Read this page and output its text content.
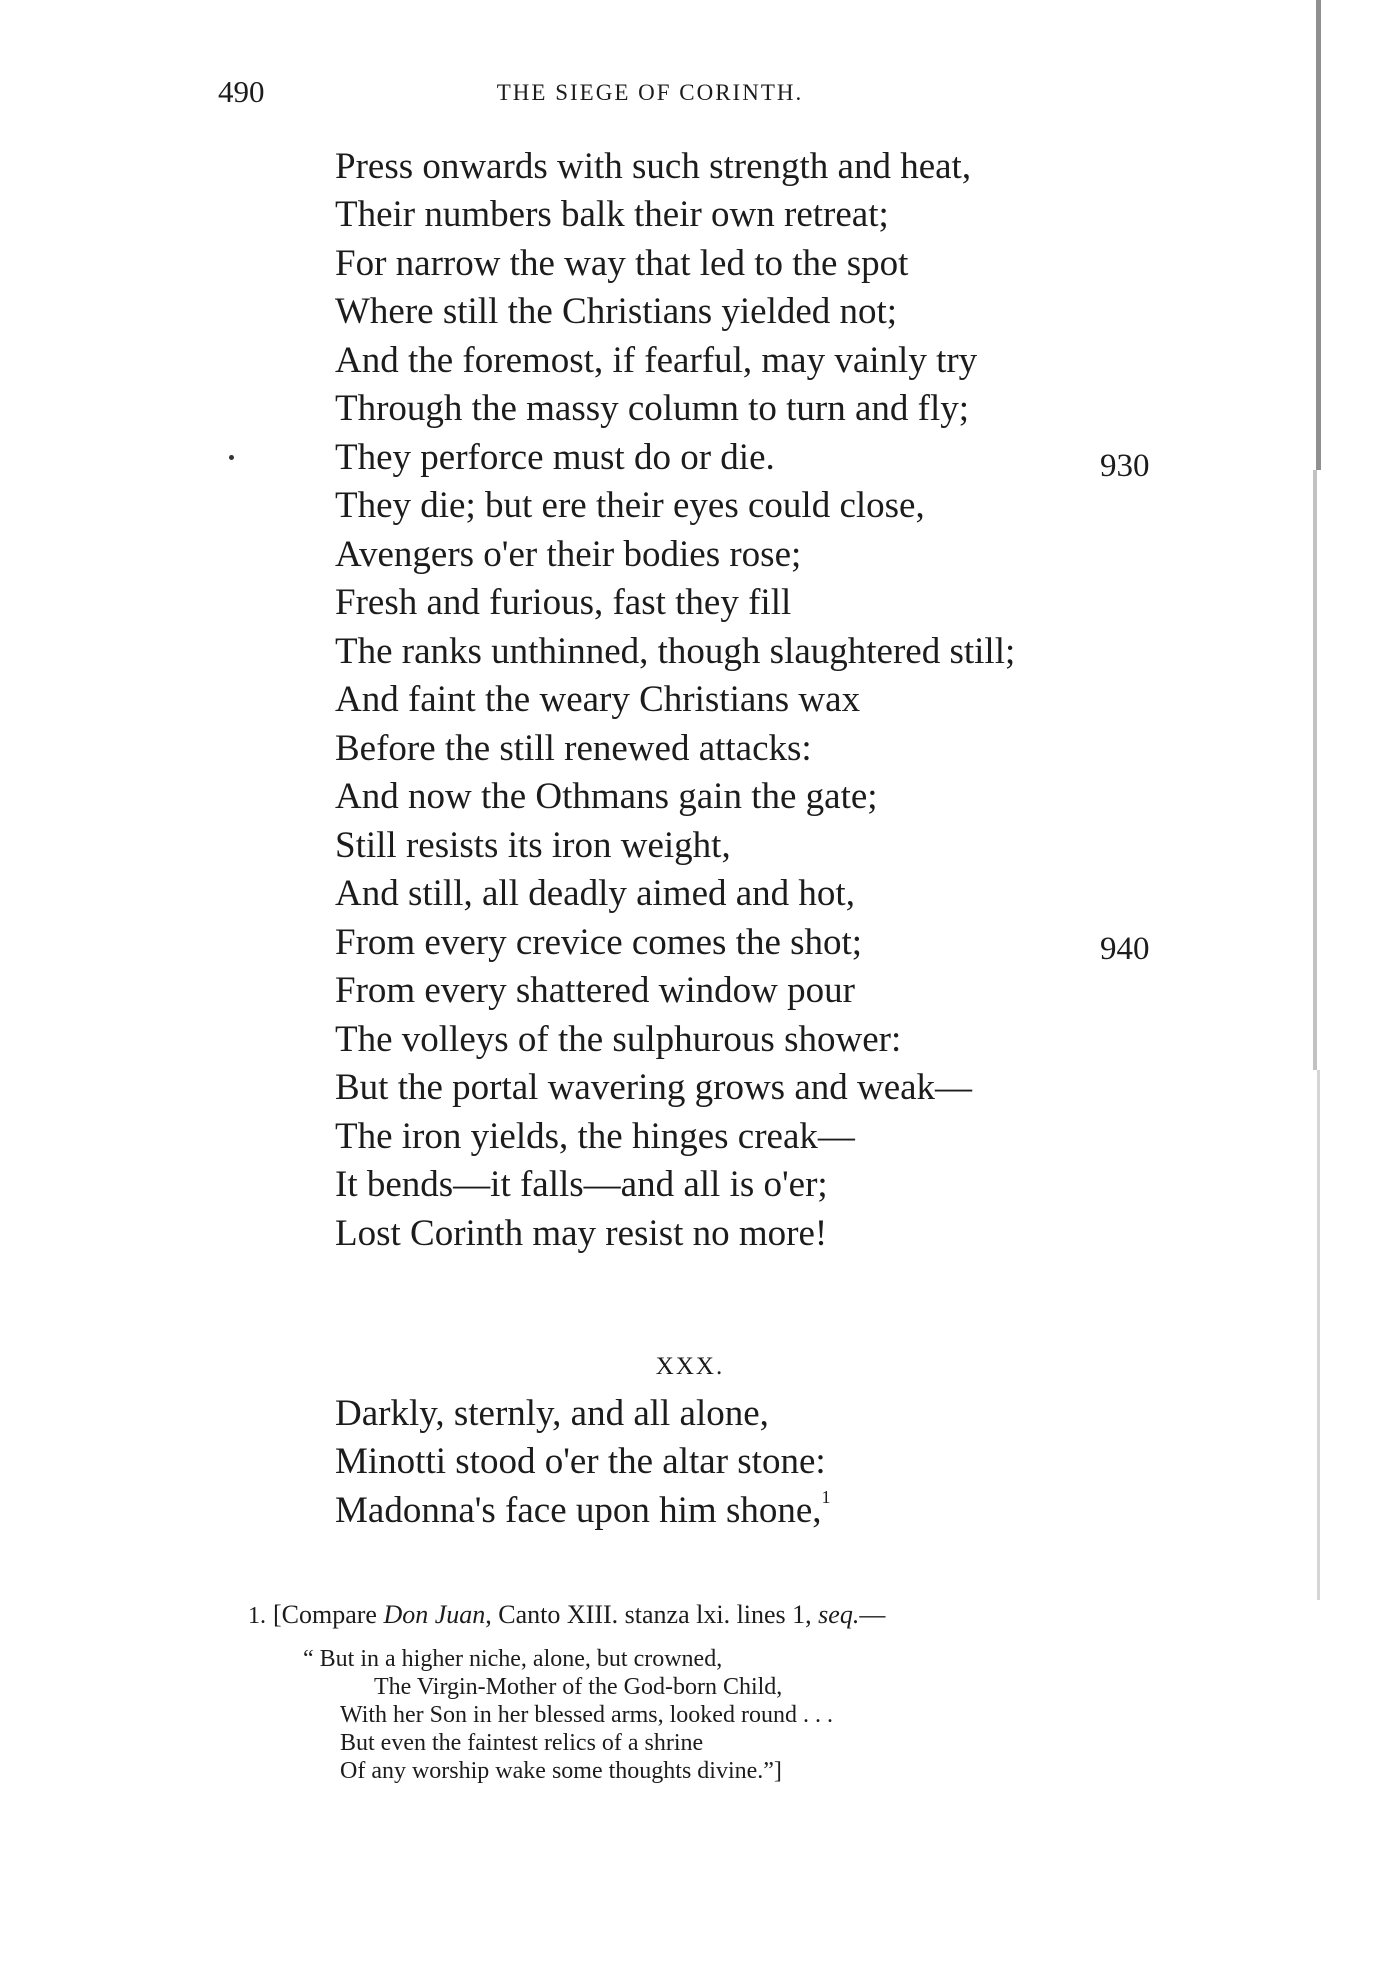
490	THE SIEGE OF CORINTH.
Press onwards with such strength and heat,
Their numbers balk their own retreat;
For narrow the way that led to the spot
Where still the Christians yielded not;
And the foremost, if fearful, may vainly try
Through the massy column to turn and fly;
They perforce must do or die.	930
They die; but ere their eyes could close,
Avengers o'er their bodies rose;
Fresh and furious, fast they fill
The ranks unthinned, though slaughtered still;
And faint the weary Christians wax
Before the still renewed attacks:
And now the Othmans gain the gate;
Still resists its iron weight,
And still, all deadly aimed and hot,
From every crevice comes the shot;	940
From every shattered window pour
The volleys of the sulphurous shower:
But the portal wavering grows and weak—
The iron yields, the hinges creak—
It bends—it falls—and all is o'er;
Lost Corinth may resist no more!
XXX.
Darkly, sternly, and all alone,
Minotti stood o'er the altar stone:
Madonna's face upon him shone,$^1$
1. [Compare Don Juan, Canto XIII. stanza lxi. lines 1, seq.—
“ But in a higher niche, alone, but crowned,
The Virgin-Mother of the God-born Child,
With her Son in her blessed arms, looked round . . .
But even the faintest relics of a shrine
Of any worship wake some thoughts divine.”]
